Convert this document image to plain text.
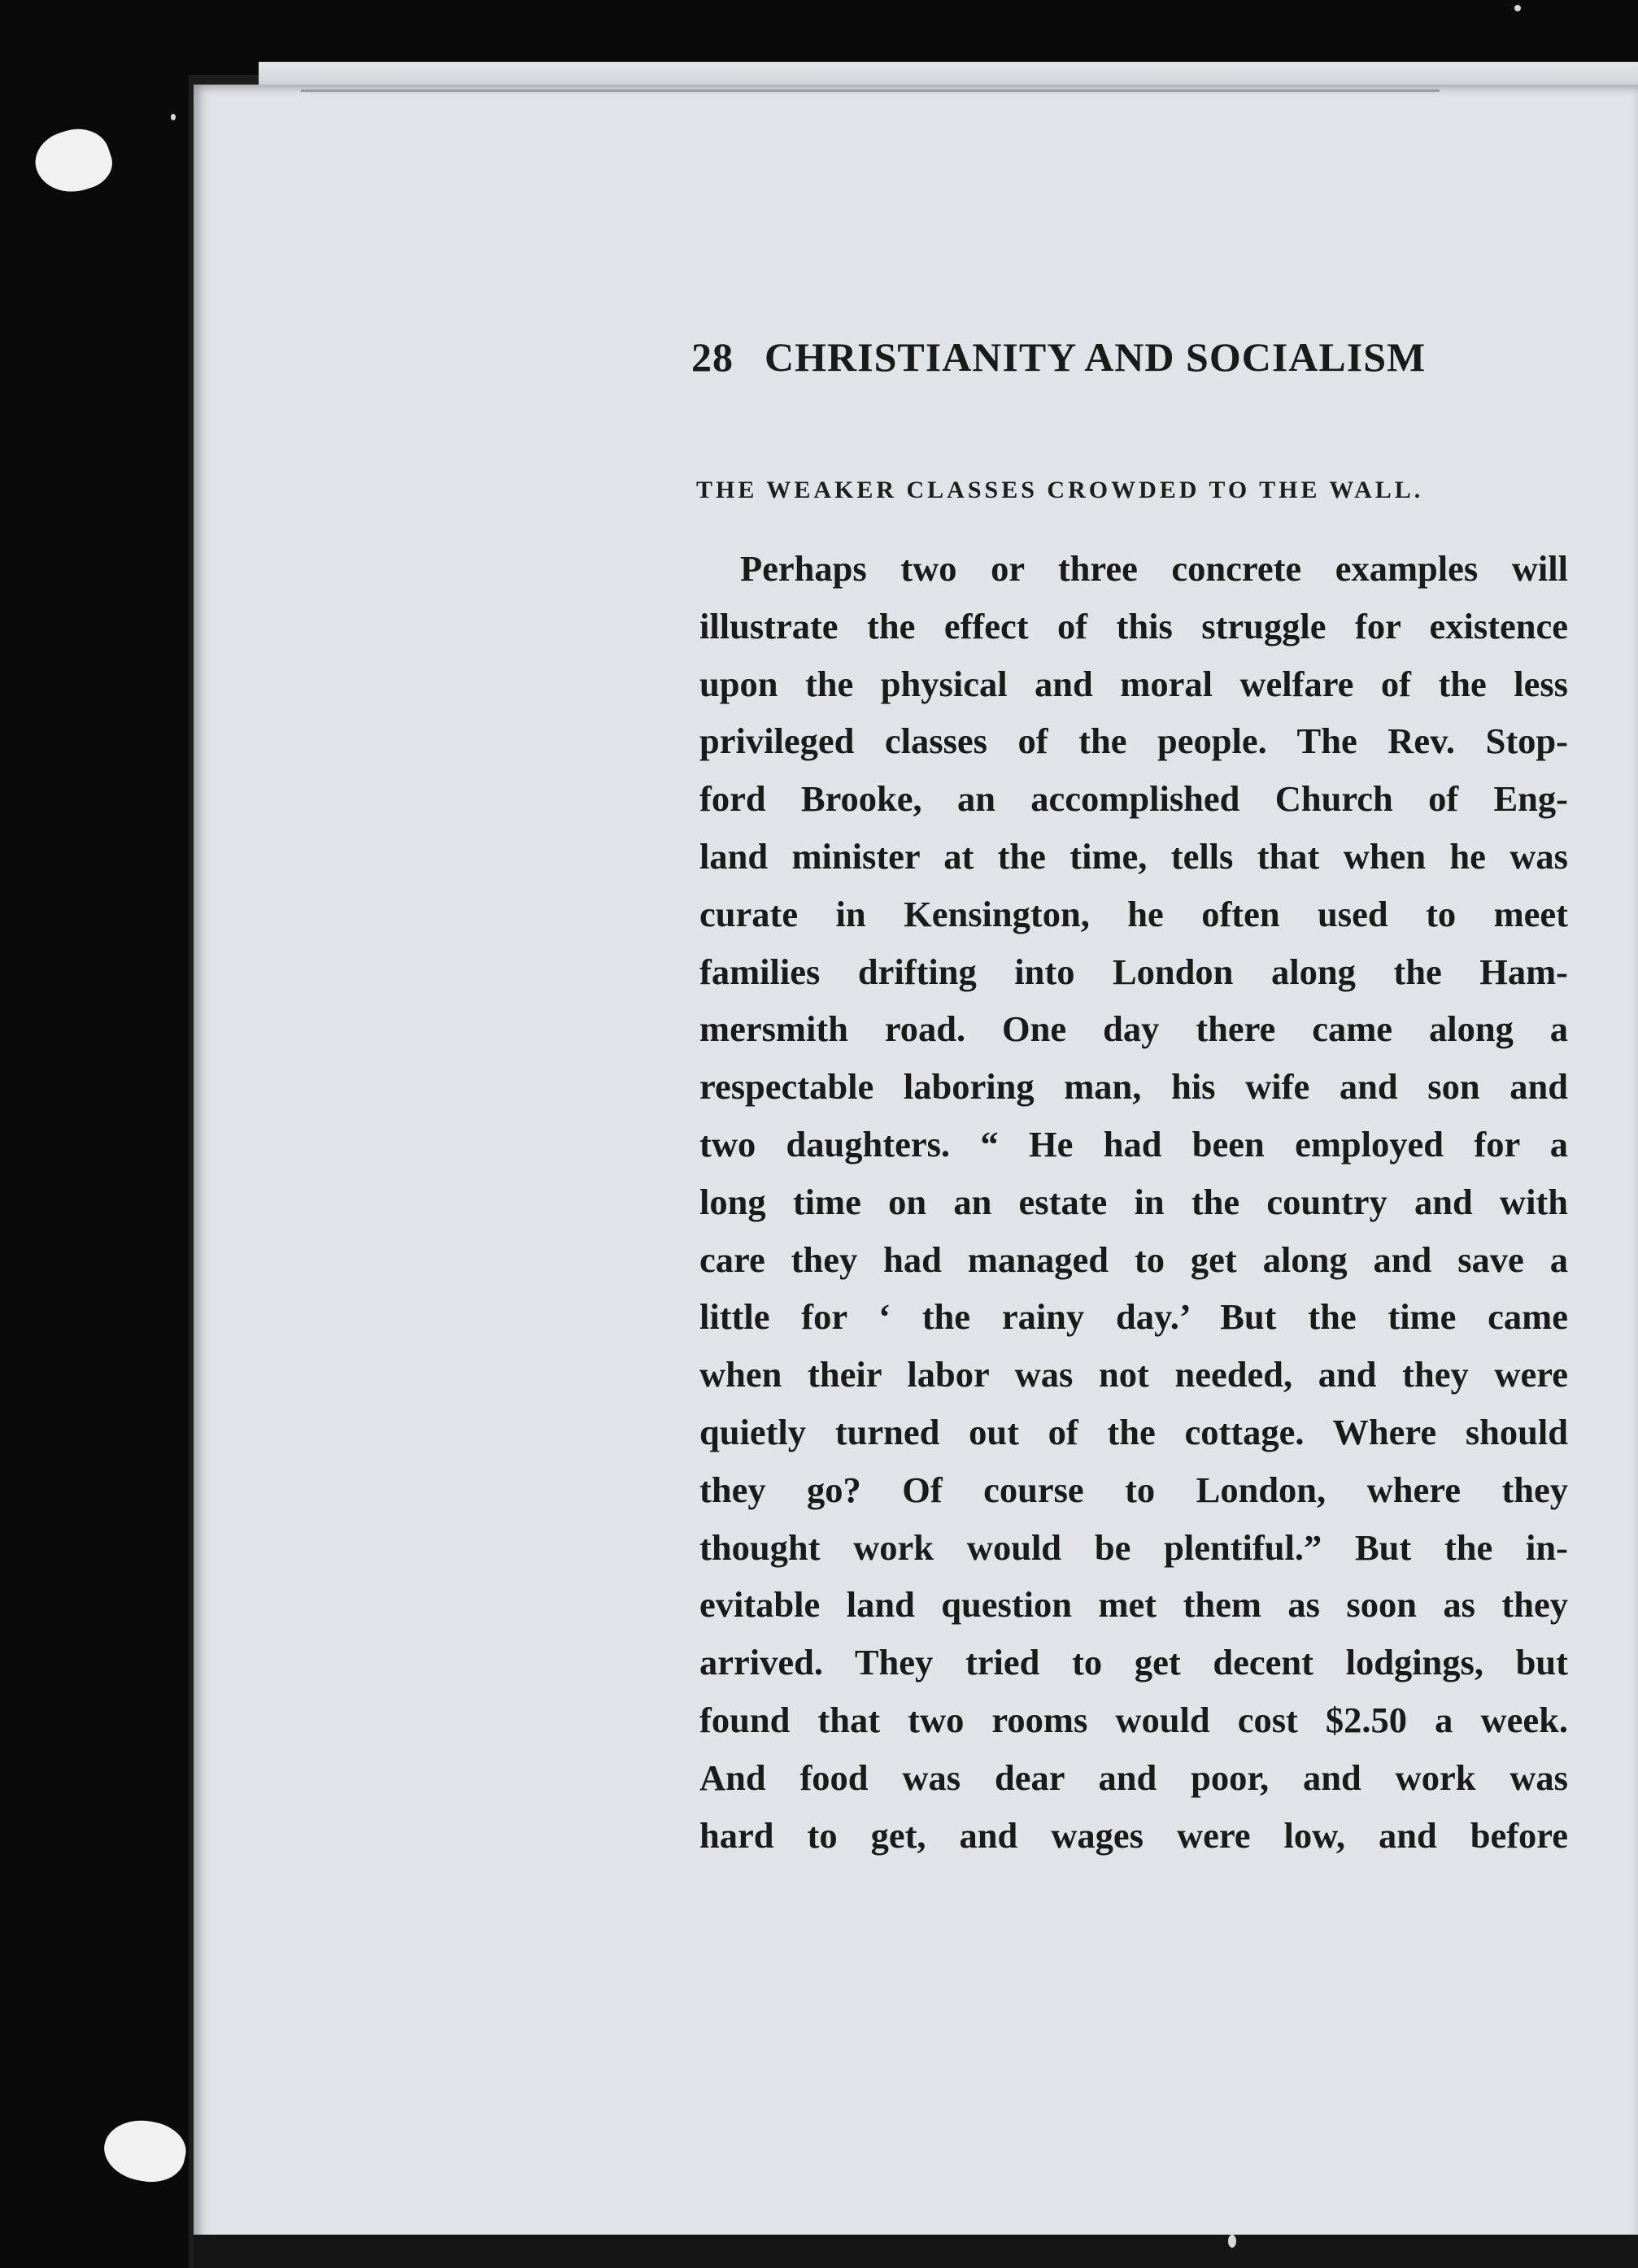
28 CHRISTIANITY AND SOCIALISM
THE WEAKER CLASSES CROWDED TO THE WALL.
Perhaps two or three concrete examples will
illustrate the effect of this struggle for existence
upon the physical and moral welfare of the less
privileged classes of the people. The Rev. Stop-
ford Brooke, an accomplished Church of Eng-
land minister at the time, tells that when he was
curate in Kensington, he often used to meet
families drifting into London along the Ham-
mersmith road. One day there came along a
respectable laboring man, his wife and son and
two daughters. “ He had been employed for a
long time on an estate in the country and with
care they had managed to get along and save a
little for ‘ the rainy day.’ But the time came
when their labor was not needed, and they were
quietly turned out of the cottage. Where should
they go? Of course to London, where they
thought work would be plentiful.” But the in-
evitable land question met them as soon as they
arrived. They tried to get decent lodgings, but
found that two rooms would cost $2.50 a week.
And food was dear and poor, and work was
hard to get, and wages were low, and before
